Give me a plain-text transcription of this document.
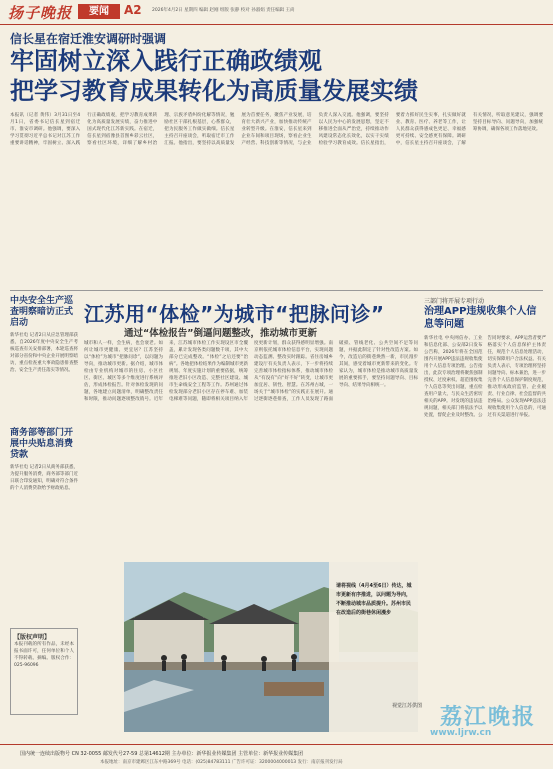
扬子晚报	要闻	A2 2026年4月2日 星期四 编辑 赵刚 组版 张静 校对 孙淑娟 责任编辑 王尚
信长星在宿迁淮安调研时强调
牢固树立深入践行正确政绩观
把学习教育成果转化为高质量发展实绩
本报讯（记者 黄伟）3月31日至4月1日，省委书记信长星到宿迁市、淮安市调研。他强调，要深入学习贯彻习近平总书记对江苏工作重要讲话精神，牢固树立、深入践行正确政绩观，把学习教育成果转化为高质量发展实绩，奋力推进中国式现代化江苏新实践。在宿迁，信长星到宿豫县首图乡彩云社区，察看社区环境，详细了解乡村治理、宗族矛盾纠纷化解等情况，勉励社区干部扎根基层，心系群众，把为民服务工作做实做细。信长星主持召开座谈会，听取宿迁市工作汇报。他指出，要坚持以高质量发展为首要任务，聚焦产业发展，培育壮大新兴产业，加快推动传统产业转型升级。在淮安，信长星来到企业车间和项目现场，察看企业生产经营、科技创新等情况，与企业负责人深入交流。他强调，要坚持以人民为中心的发展思想，坚定不移推进全面从严治党，持续推动作风建设常态化长效化，以实干实绩检验学习教育成效。信长星指出，要着力抓好民生实事，扎实做好就业、教育、医疗、养老等工作，让人民群众获得感成色更足、幸福感更可持续、安全感更有保障。调研中，信长星主持召开座谈会，了解有关情况，听取意见建议，强调要坚持目标导向、问题导向，加强统筹协调，确保各项工作落地见效。
中央安全生产巡查明察暗访正式启动
新华社电 记者2日从应急管理部获悉，自2026年度中央安全生产考核巡查有关安排部署，本轮巡查将对部分省份和中央企业开展明察暗访，重点检查重大事故隐患排查整治、安全生产责任落实等情况。
商务部等部门开展中央贴息消费贷款
新华社电 记者2日从商务部获悉，为提升服务消费，商务部等部门近日联合印发通知，明确对符合条件的个人消费贷款给予财政贴息。
【版权声明】
本报刊载的所有作品，未经本报书面许可，任何单位和个人不得转载、摘编。版权合作：025-96096
江苏用“体检”为城市“把脉问诊”
通过“体检报告”倒逼问题整改，推动城市更新
城市和人一样，会生病，也会衰老。如何让城市更健康、更宜居？江苏坚持以“体检”为城市“把脉问诊”，以问题为导向，推动城市更新。据介绍，城市体检由专业机构对城市的住房、小区社区、街区、城区等多个维度进行系统评估，形成体检报告。针对体检发现的问题，各地建立问题清单，明确整改责任和时限，推动问题逐项整改销号。近年来，江苏城市体检工作实现设区市全覆盖，累计发现各类问题数千项，其中大部分已完成整改。“体检”之后还要“治病”。各地把体检结果作为编制城市更新规划、年度实施计划的重要依据，统筹推进老旧小区改造、完整社区建设、城市生命线安全工程等工作。苏州通过体检发现部分老旧小区存在停车难、加装电梯难等问题，随即将相关项目纳入年度更新计划，群众获得感明显增强。南京则依托城市体检信息平台，实现问题动态监测、整改实时跟踪。省住房城乡建设厅有关负责人表示，下一步将持续完善城市体检指标体系，推动城市体检从“有没有”向“好不好”转变，让城市更加宜居、韧性、智慧。在苏州古城，一场关于“城市体检”的实践正在展开。通过逐街逐巷排查，工作人员发现了路面破损、管线老化、公共空间不足等问题，并据此制定了针对性改造方案。如今，改造后的街巷焕然一新，市民漫步其间，感受着城市更新带来的变化。专家认为，城市体检是推动城市高质量发展的重要抓手，要坚持问题导向、目标导向、结果导向相统一。
请将视线（4月4至6日）传达，城市更新有序推进，以问题为导向，不断推动城市品质提升。苏州市民在改造后的街巷休闲漫步
视觉江苏供图
三部门将开展专项行动
治理APP违规收集个人信息等问题
新华社电 中央网信办、工业和信息化部、公安部2日发布公告称，2026年将在全国范围内开展APP违法违规收集使用个人信息专项治理。公告指出，此次专项治理将聚焦强制授权、过度索权、超范围收集个人信息等突出问题，重点检查用户量大、与民众生活密切相关的APP。对发现的违法违规问题，相关部门将依法予以处置，督促企业及时整改。公告同时要求，APP运营者要严格落实个人信息保护主体责任，规范个人信息处理活动，切实保障用户合法权益。有关负责人表示，专项治理将坚持问题导向、标本兼治，进一步完善个人信息保护制度规范，推动形成政府监管、企业履责、行业自律、社会监督的共治格局。公众发现APP违法违规收集使用个人信息的，可通过有关渠道进行举报。
荔江晚报
www.ljrw.cn
国内统一连续出版物号 CN 32-0055 邮发代号27-59 总第14612期 主办单位：新华报业传媒集团 主管单位：新华报业传媒集团
本报地址：南京市建邺区江东中路369号 电话：(025)84783111 广告许可证：3200004000013 发行：南京报刊发行局
